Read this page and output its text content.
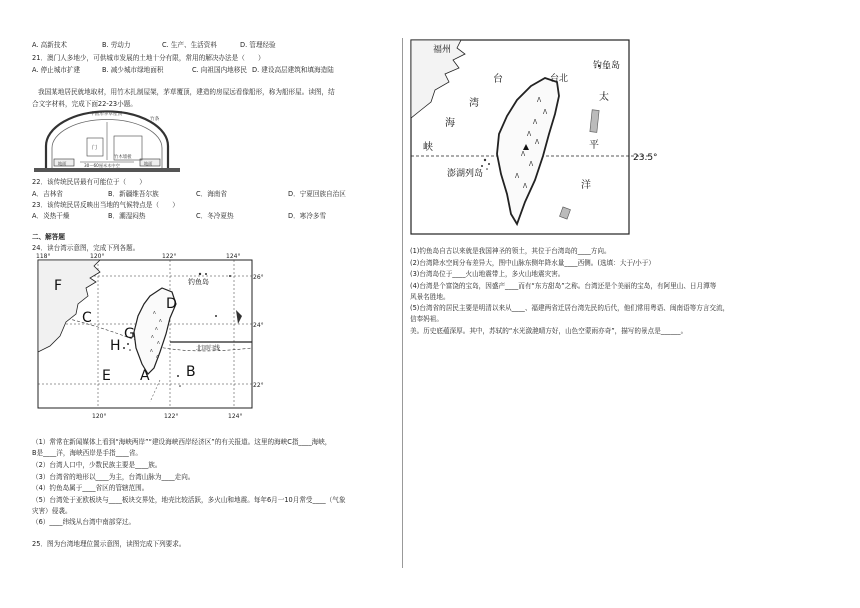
A. 高新技术	B. 劳动力	C. 生产、生活资料	D. 管理经验
21．澳门人多地少，可供城市发展的土地十分有限，常用的解决办法是（　　）
A. 停止城市扩建	B. 减少城市绿地面积	C. 向祖国内地移民 D. 建设高层建筑和填海造陆
我国某地居民就地取材，用竹木扎制屋架，茅草覆顶，建造的房屋远看像船形，称为船形屋。读图，结
合文字材料，完成下面22-23小题。
半圆形茅草屋顶
竹条
门
竹木墙板
30～60厘米木中空
地面	地面
22．该传统民居最有可能位于（　　）
A．吉林省	B．新疆维吾尔族	C．海南省	D．宁夏回族自治区
23．该传统民居反映出当地的气候特点是（　　）
A．炎热干燥	B．潮湿闷热	C．冬冷夏热	D．寒冷多雪
二、解答题
24．读台湾示意图，完成下列各题。
ᐱ
ᐱ
ᐱ
ᐱ
ᐱ
ᐱ
ᐱ
118°	120°	122°	124°
120°	122°	124°
26°
24°
22°
F
D
C
G
H
E A	B
钓鱼岛
北回归线
（1）常常在新闻媒体上看到“海峡两岸”“建设海峡西岸经济区”的有关报道。这里的海峡C指____海峡，
B是____洋，海峡西岸是手指____省。
（2）台湾人口中，少数民族主要是____族。
（3）台湾省的地形以____为主，台湾山脉为____走向。
（4）钓鱼岛属于____省区的管辖范围。
（5）台湾处于亚欧板块与____板块交界处，地壳比较活跃，多火山和地震。每年6月一10月常受____（气象
灾害）侵袭。
（6）____纬线从台湾中南部穿过。
25．图为台湾地理位置示意图，读图完成下列要求。
ᐱ
ᐱ
ᐱ
ᐱ
ᐱ
ᐱ
ᐱ
ᐱ
ᐱ
福州
台北
钓鱼岛
台
湾
海
峡
太
平
洋
澎湖列岛
23.5°
(1)钓鱼岛自古以来就是我国神圣的领土，其位于台湾岛的____方向。
(2)台湾降水空间分布差异大，图中山脉东侧年降水量____西侧。(选填：大于/小于）
(3)台湾岛位于____火山地震带上，多火山地震灾害。
(4)台湾是个富饶的宝岛，因盛产____而有“东方甜岛”之称。台湾还是个美丽的宝岛，有阿里山、日月潭等
风景名胜地。
(5)台湾省的居民主要是明清以来从____、福建两省迁居台湾先民的后代，他们常用粤语、闽南语等方言交流，
信奉妈祖。
美。历史底蕴深厚。其中，苏轼的“水光潋滟晴方好，山色空蒙雨亦奇”，描写的景点是______。
